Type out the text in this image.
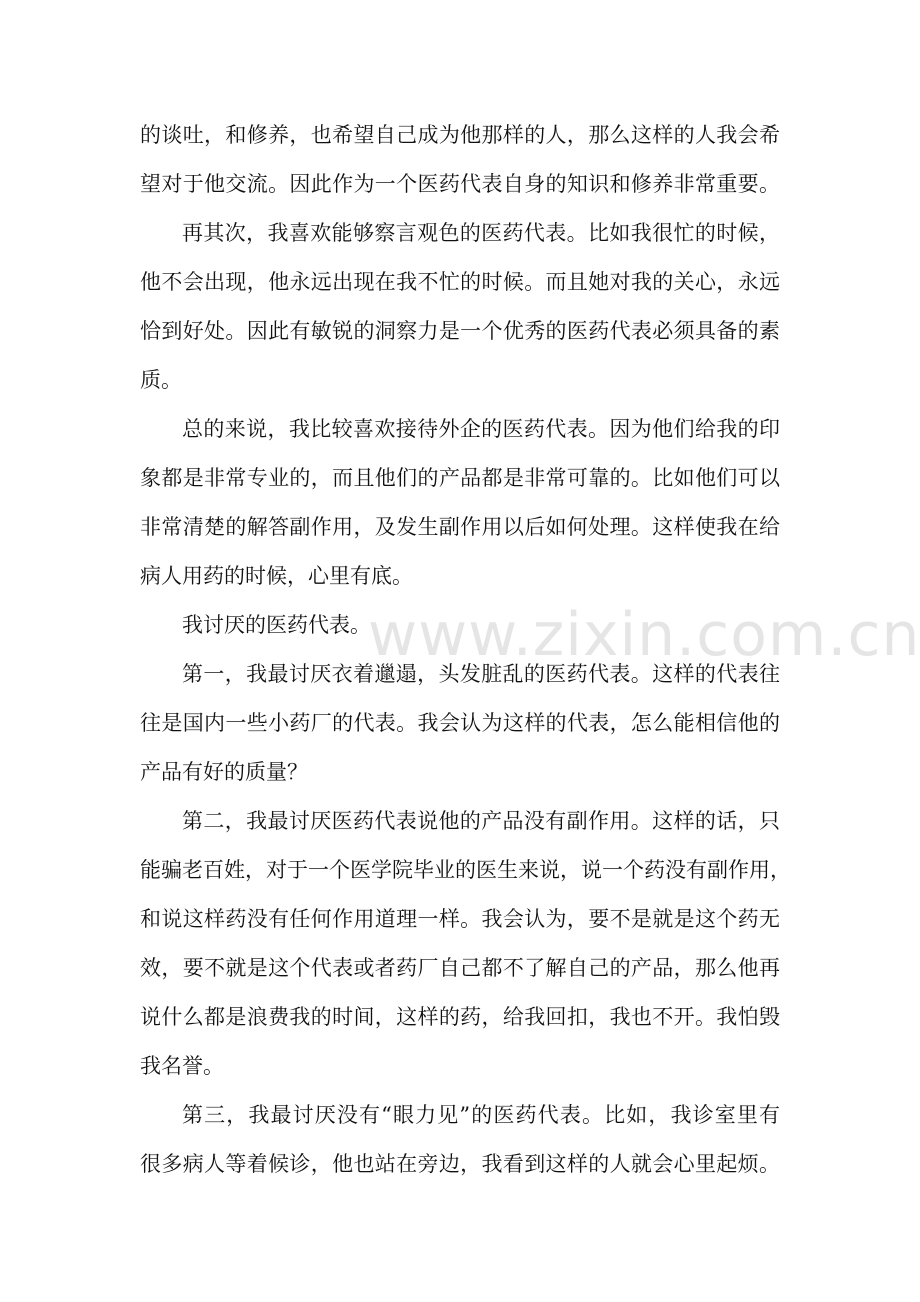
的谈吐，和修养，也希望自己成为他那样的人，那么这样的人我会希
望对于他交流。因此作为一个医药代表自身的知识和修养非常重要。
再其次，我喜欢能够察言观色的医药代表。比如我很忙的时候，
他不会出现，他永远出现在我不忙的时候。而且她对我的关心，永远
恰到好处。因此有敏锐的洞察力是一个优秀的医药代表必须具备的素
质。
总的来说，我比较喜欢接待外企的医药代表。因为他们给我的印
象都是非常专业的，而且他们的产品都是非常可靠的。比如他们可以
非常清楚的解答副作用，及发生副作用以后如何处理。这样使我在给
病人用药的时候，心里有底。
我讨厌的医药代表。
第一，我最讨厌衣着邋遢，头发脏乱的医药代表。这样的代表往
往是国内一些小药厂的代表。我会认为这样的代表，怎么能相信他的
产品有好的质量？
第二，我最讨厌医药代表说他的产品没有副作用。这样的话，只
能骗老百姓，对于一个医学院毕业的医生来说，说一个药没有副作用，
和说这样药没有任何作用道理一样。我会认为，要不是就是这个药无
效，要不就是这个代表或者药厂自己都不了解自己的产品，那么他再
说什么都是浪费我的时间，这样的药，给我回扣，我也不开。我怕毁
我名誉。
第三，我最讨厌没有“眼力见”的医药代表。比如，我诊室里有
很多病人等着候诊，他也站在旁边，我看到这样的人就会心里起烦。
www.zixin.com.cn
